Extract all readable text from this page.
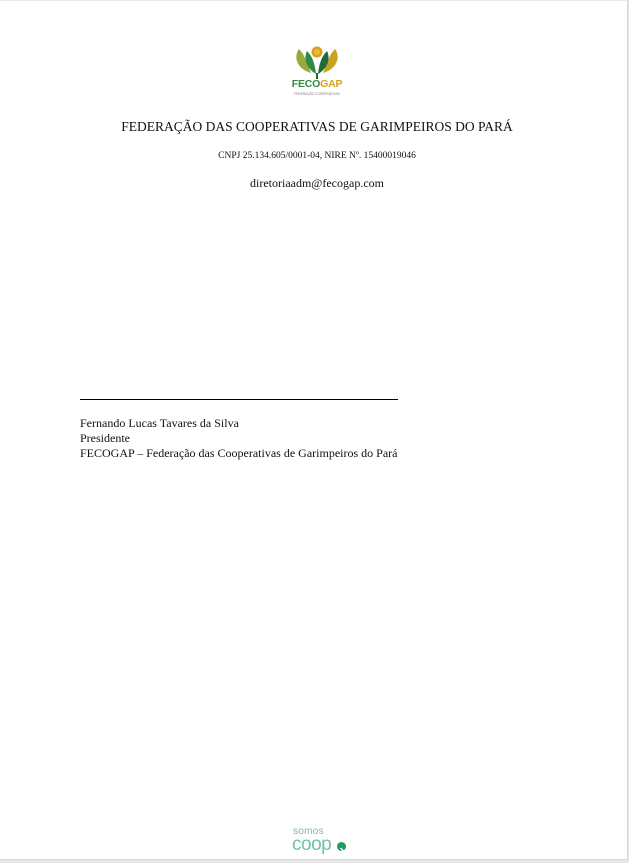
FECOGAP
FEDERAÇÃO COOPERATIVAS
FEDERAÇÃO DAS COOPERATIVAS DE GARIMPEIROS DO PARÁ
CNPJ 25.134.605/0001-04, NIRE Nº. 15400019046
diretoriaadm@fecogap.com
Fernando Lucas Tavares da Silva
Presidente
FECOGAP – Federação das Cooperativas de Garimpeiros do Pará
somos
coop
